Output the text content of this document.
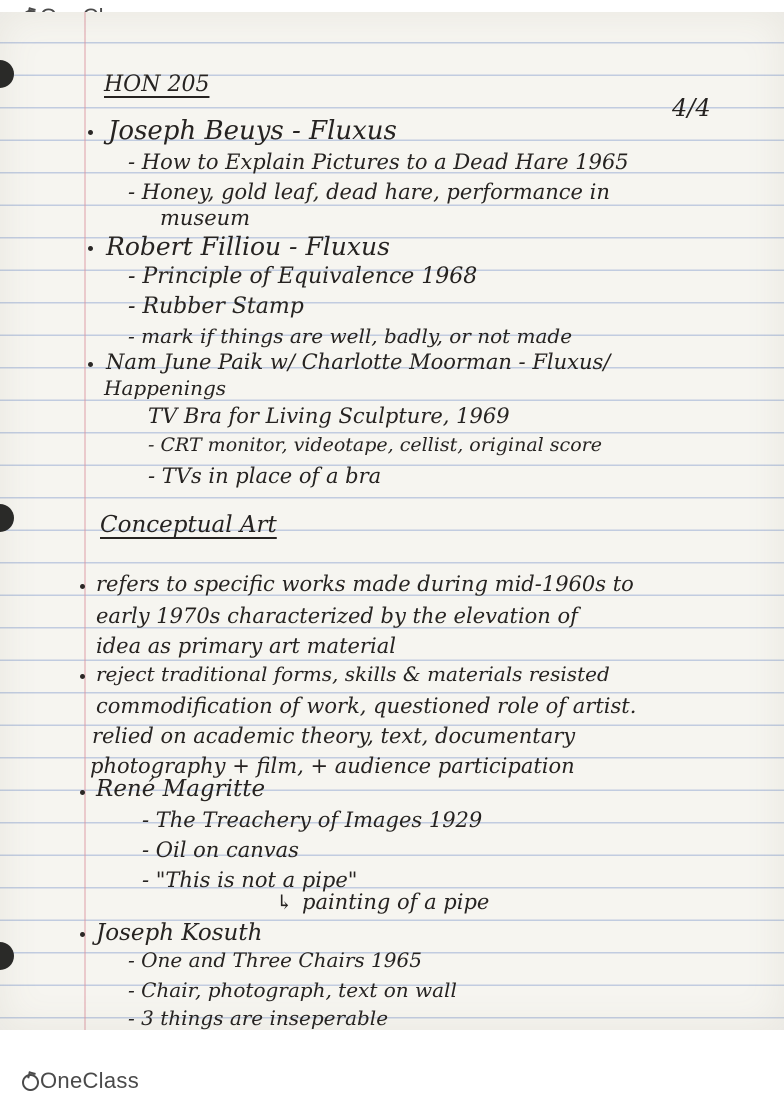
HON 205
4/4
Joseph Beuys - Fluxus
- How to Explain Pictures to a Dead Hare 1965
- Honey, gold leaf, dead hare, performance in
museum
Robert Filliou - Fluxus
- Principle of Equivalence 1968
- Rubber Stamp
- mark if things are well, badly, or not made
Nam June Paik w/ Charlotte Moorman - Fluxus/
Happenings
TV Bra for Living Sculpture, 1969
- CRT monitor, videotape, cellist, original score
- TVs in place of a bra
Conceptual Art
refers to specific works made during mid-1960s to
early 1970s characterized by the elevation of
idea as primary art material
reject traditional forms, skills & materials resisted
commodification of work, questioned role of artist.
relied on academic theory, text, documentary
photography + film, + audience participation
René Magritte
- The Treachery of Images 1929
- Oil on canvas
- "This is not a pipe"
↳ painting of a pipe
Joseph Kosuth
- One and Three Chairs 1965
- Chair, photograph, text on wall
- 3 things are inseperable
OneClass
